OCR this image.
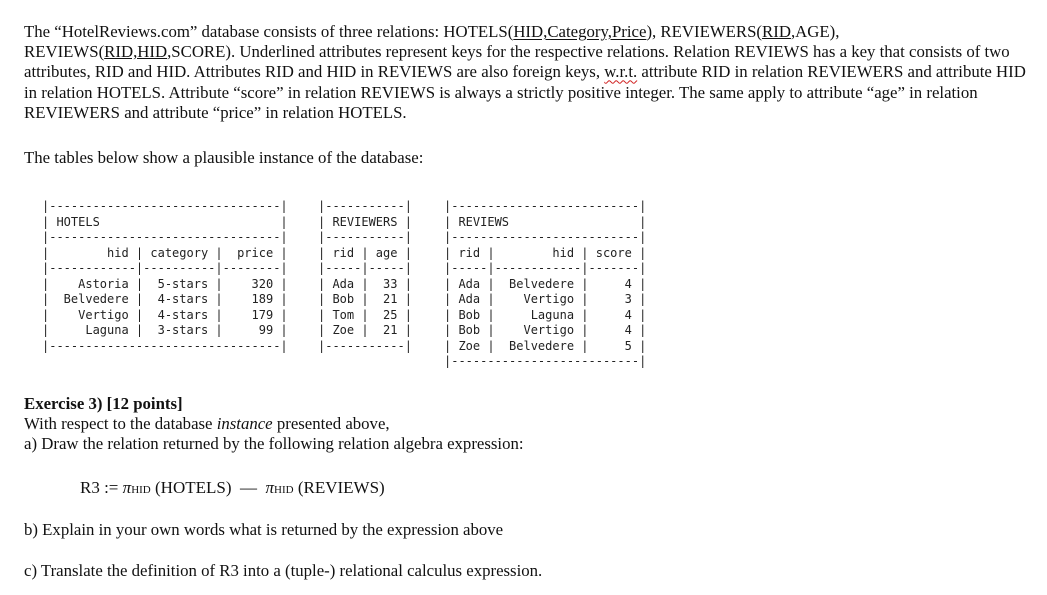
The “HotelReviews.com” database consists of three relations: HOTELS(HID,Category,Price), REVIEWERS(RID,AGE), REVIEWS(RID,HID,SCORE). Underlined attributes represent keys for the respective relations. Relation REVIEWS has a key that consists of two attributes, RID and HID. Attributes RID and HID in REVIEWS are also foreign keys, w.r.t. attribute RID in relation REVIEWERS and attribute HID in relation HOTELS. Attribute “score” in relation REVIEWS is always a strictly positive integer. The same apply to attribute “age” in relation REVIEWERS and attribute “price” in relation HOTELS.

The tables below show a plausible instance of the database:

|--------------------------------|
| HOTELS                         |
|--------------------------------|
|        hid | category |  price |
|------------|----------|--------|
|    Astoria |  5-stars |    320 |
|  Belvedere |  4-stars |    189 |
|    Vertigo |  4-stars |    179 |
|     Laguna |  3-stars |     99 |
|--------------------------------|
|-----------|
| REVIEWERS |
|-----------|
| rid | age |
|-----|-----|
| Ada |  33 |
| Bob |  21 |
| Tom |  25 |
| Zoe |  21 |
|-----------|
|--------------------------|
| REVIEWS                  |
|--------------------------|
| rid |        hid | score |
|-----|------------|-------|
| Ada |  Belvedere |     4 |
| Ada |    Vertigo |     3 |
| Bob |     Laguna |     4 |
| Bob |    Vertigo |     4 |
| Zoe |  Belvedere |     5 |
|--------------------------|

Exercise 3) [12 points]

With respect to the database instance presented above,

a) Draw the relation returned by the following relation algebra expression:

R3 := πHID (HOTELS) — πHID (REVIEWS)

b) Explain in your own words what is returned by the expression above

c) Translate the definition of R3 into a (tuple-) relational calculus expression.
